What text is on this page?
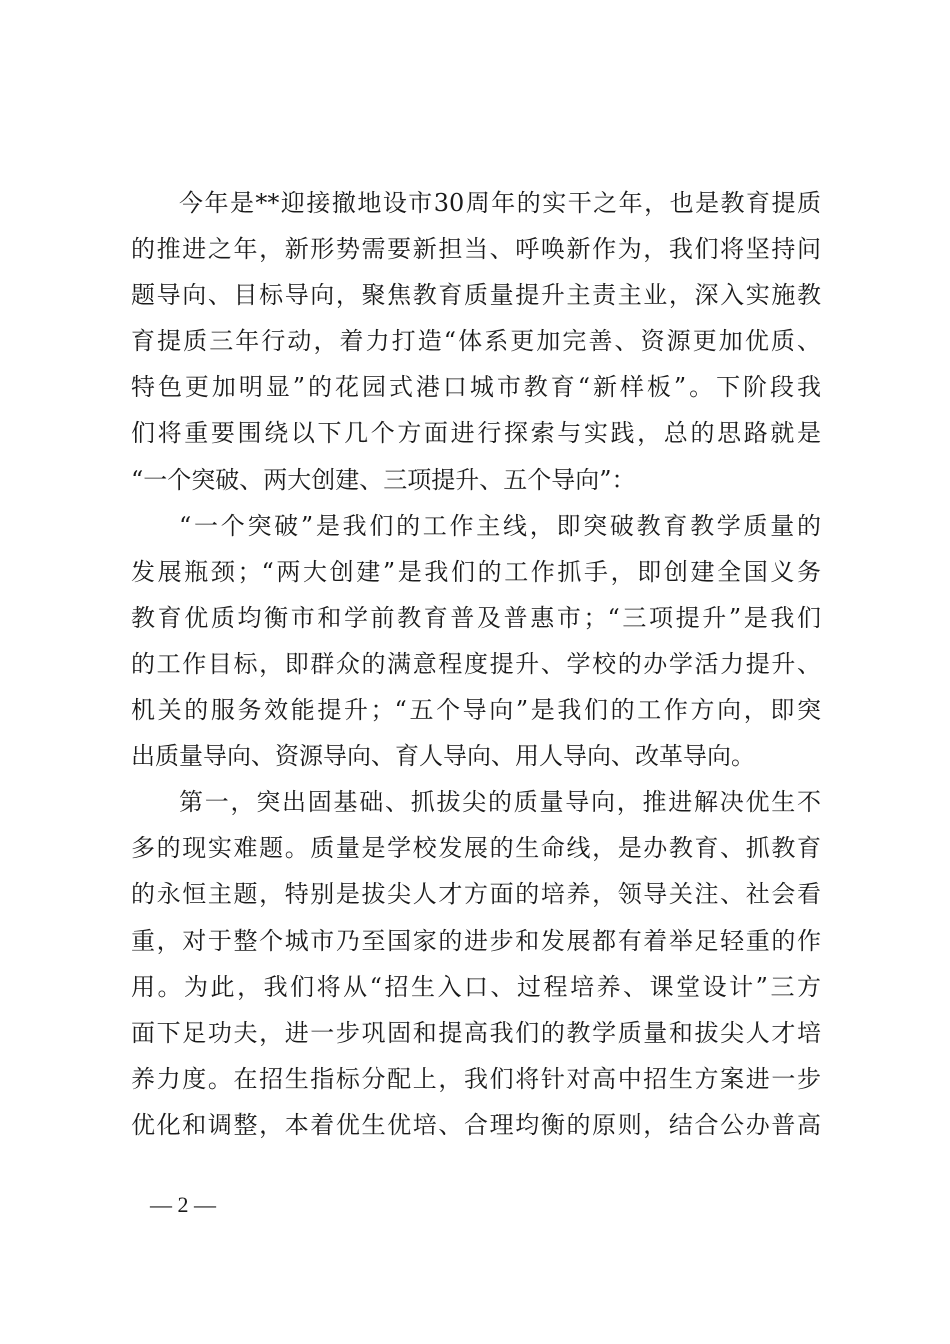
今年是**迎接撤地设市30周年的实干之年，也是教育提质
的推进之年，新形势需要新担当、呼唤新作为，我们将坚持问
题导向、目标导向，聚焦教育质量提升主责主业，深入实施教
育提质三年行动，着力打造“体系更加完善、资源更加优质、
特色更加明显”的花园式港口城市教育“新样板”。下阶段我
们将重要围绕以下几个方面进行探索与实践，总的思路就是
“一个突破、两大创建、三项提升、五个导向”：
“一个突破”是我们的工作主线，即突破教育教学质量的
发展瓶颈；“两大创建”是我们的工作抓手，即创建全国义务
教育优质均衡市和学前教育普及普惠市；“三项提升”是我们
的工作目标，即群众的满意程度提升、学校的办学活力提升、
机关的服务效能提升；“五个导向”是我们的工作方向，即突
出质量导向、资源导向、育人导向、用人导向、改革导向。
第一，突出固基础、抓拔尖的质量导向，推进解决优生不
多的现实难题。质量是学校发展的生命线，是办教育、抓教育
的永恒主题，特别是拔尖人才方面的培养，领导关注、社会看
重，对于整个城市乃至国家的进步和发展都有着举足轻重的作
用。为此，我们将从“招生入口、过程培养、课堂设计”三方
面下足功夫，进一步巩固和提高我们的教学质量和拔尖人才培
养力度。在招生指标分配上，我们将针对高中招生方案进一步
优化和调整，本着优生优培、合理均衡的原则，结合公办普高
— 2 —
